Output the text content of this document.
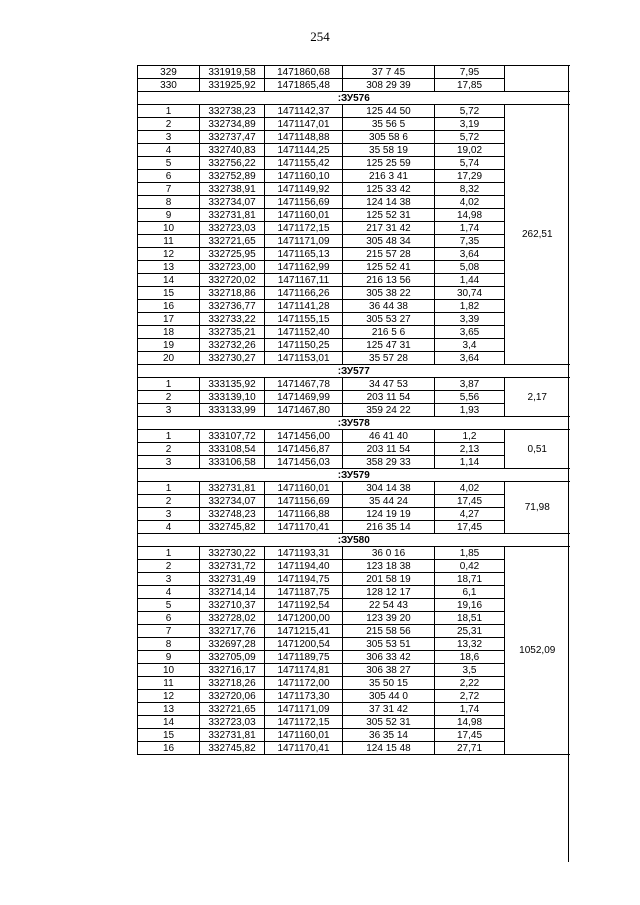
254
329	331919,58	1471860,68	37 7 45	7,95	
330	331925,92	1471865,48	308 29 39	17,85	
:ЗУ576					
1	332738,23	1471142,37	125 44 50	5,72	262,51
2	332734,89	1471147,01	35 56 5	3,19	
3	332737,47	1471148,88	305 58 6	5,72	
4	332740,83	1471144,25	35 58 19	19,02	
5	332756,22	1471155,42	125 25 59	5,74	
6	332752,89	1471160,10	216 3 41	17,29	
7	332738,91	1471149,92	125 33 42	8,32	
8	332734,07	1471156,69	124 14 38	4,02	
9	332731,81	1471160,01	125 52 31	14,98	
10	332723,03	1471172,15	217 31 42	1,74	
11	332721,65	1471171,09	305 48 34	7,35	
12	332725,95	1471165,13	215 57 28	3,64	
13	332723,00	1471162,99	125 52 41	5,08	
14	332720,02	1471167,11	216 13 56	1,44	
15	332718,86	1471166,26	305 38 22	30,74	
16	332736,77	1471141,28	36 44 38	1,82	
17	332733,22	1471155,15	305 53 27	3,39	
18	332735,21	1471152,40	216 5 6	3,65	
19	332732,26	1471150,25	125 47 31	3,4	
20	332730,27	1471153,01	35 57 28	3,64	
:ЗУ577					
1	333135,92	1471467,78	34 47 53	3,87	2,17
2	333139,10	1471469,99	203 11 54	5,56	
3	333133,99	1471467,80	359 24 22	1,93	
:ЗУ578					
1	333107,72	1471456,00	46 41 40	1,2	0,51
2	333108,54	1471456,87	203 11 54	2,13	
3	333106,58	1471456,03	358 29 33	1,14	
:ЗУ579					
1	332731,81	1471160,01	304 14 38	4,02	71,98
2	332734,07	1471156,69	35 44 24	17,45	
3	332748,23	1471166,88	124 19 19	4,27	
4	332745,82	1471170,41	216 35 14	17,45	
:ЗУ580					
1	332730,22	1471193,31	36 0 16	1,85	1052,09
2	332731,72	1471194,40	123 18 38	0,42	
3	332731,49	1471194,75	201 58 19	18,71	
4	332714,14	1471187,75	128 12 17	6,1	
5	332710,37	1471192,54	22 54 43	19,16	
6	332728,02	1471200,00	123 39 20	18,51	
7	332717,76	1471215,41	215 58 56	25,31	
8	332697,28	1471200,54	305 53 51	13,32	
9	332705,09	1471189,75	306 33 42	18,6	
10	332716,17	1471174,81	306 38 27	3,5	
11	332718,26	1471172,00	35 50 15	2,22	
12	332720,06	1471173,30	305 44 0	2,72	
13	332721,65	1471171,09	37 31 42	1,74	
14	332723,03	1471172,15	305 52 31	14,98	
15	332731,81	1471160,01	36 35 14	17,45	
16	332745,82	1471170,41	124 15 48	27,71	
